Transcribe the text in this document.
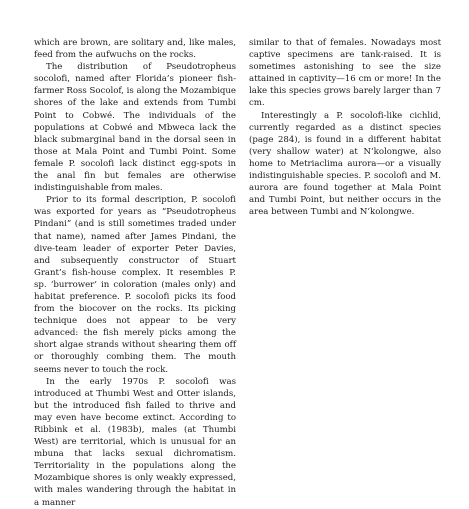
which are brown, are solitary and, like males, feed from the aufwuchs on the rocks.

The distribution of Pseudotropheus socolofi, named after Florida’s pioneer fish-farmer Ross Socolof, is along the Mozambique shores of the lake and extends from Tumbi Point to Cobwé. The individuals of the populations at Cobwé and Mbweca lack the black submarginal band in the dorsal seen in those at Mala Point and Tumbi Point. Some female P. socolofi lack distinct egg-spots in the anal fin but females are otherwise indistinguishable from males.

Prior to its formal description, P. socolofi was exported for years as “Pseudotropheus Pindani” (and is still sometimes traded under that name), named after James Pindani, the dive-team leader of exporter Peter Davies, and subsequently constructor of Stuart Grant’s fish-house complex. It resembles P. sp. ‘burrower’ in coloration (males only) and habitat preference. P. socolofi picks its food from the biocover on the rocks. Its picking technique does not appear to be very advanced: the fish merely picks among the short algae strands without shearing them off or thoroughly combing them. The mouth seems never to touch the rock.

In the early 1970s P. socolofi was introduced at Thumbi West and Otter islands, but the introduced fish failed to thrive and may even have become extinct. According to Ribbink et al. (1983b), males (at Thumbi West) are territorial, which is unusual for an mbuna that lacks sexual dichromatism. Territoriality in the populations along the Mozambique shores is only weakly expressed, with males wandering through the habitat in a manner

similar to that of females. Nowadays most captive specimens are tank-raised. It is sometimes astonishing to see the size attained in captivity—16 cm or more! In the lake this species grows barely larger than 7 cm.

Interestingly a P. socolofi-like cichlid, currently regarded as a distinct species (page 284), is found in a different habitat (very shallow water) at N’kolongwe, also home to Metriaclima aurora—or a visually indistinguishable species. P. socolofi and M. aurora are found together at Mala Point and Tumbi Point, but neither occurs in the area between Tumbi and N’kolongwe.
